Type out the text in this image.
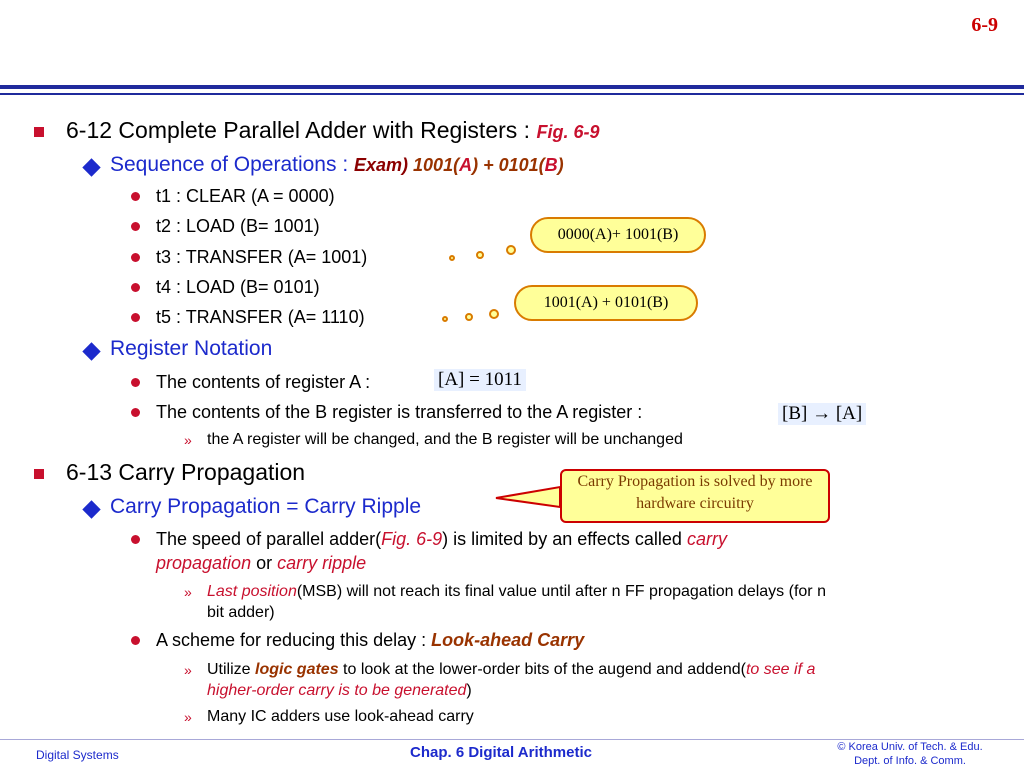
6-9
6-12 Complete Parallel Adder with Registers : Fig. 6-9
Sequence of Operations : Exam) 1001(A) + 0101(B)
t1 : CLEAR (A = 0000)
t2 : LOAD (B= 1001)
t3 : TRANSFER (A= 1001)
t4 : LOAD (B= 0101)
t5 : TRANSFER (A= 1110)
0000(A)+ 1001(B)
1001(A) + 0101(B)
Register Notation
The contents of register A :	[A] = 1011
The contents of the B register is transferred to the A register :	[B] → [A]
» the A register will be changed, and the B register will be unchanged
6-13 Carry Propagation
Carry Propagation = Carry Ripple
Carry Propagation is solved by more hardware circuitry
The speed of parallel adder(Fig. 6-9) is limited by an effects called carry
propagation or carry ripple
» Last position(MSB) will not reach its final value until after n FF propagation delays (for n
bit adder)
A scheme for reducing this delay : Look-ahead Carry
» Utilize logic gates to look at the lower-order bits of the augend and addend(to see if a
higher-order carry is to be generated)
» Many IC adders use look-ahead carry
Digital Systems	Chap. 6 Digital Arithmetic	© Korea Univ. of Tech. & Edu.
Dept. of Info. & Comm.
